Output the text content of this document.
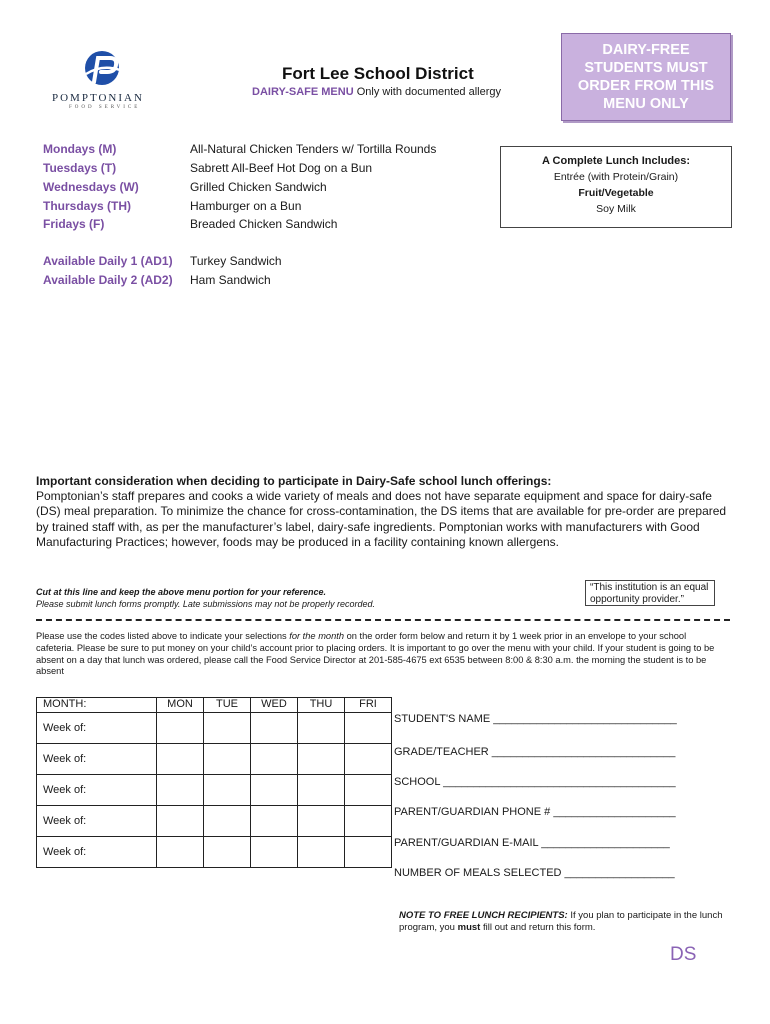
POMPTONIAN
FOOD SERVICE
Fort Lee School District
DAIRY-SAFE MENU Only with documented allergy
DAIRY-FREE
STUDENTS MUST
ORDER FROM THIS
MENU ONLY
Mondays (M)	All-Natural Chicken Tenders w/ Tortilla Rounds
Tuesdays (T)	Sabrett All-Beef Hot Dog on a Bun
Wednesdays (W)	Grilled Chicken Sandwich
Thursdays (TH)	Hamburger on a Bun
Fridays (F)	Breaded Chicken Sandwich
Available Daily 1 (AD1) Turkey Sandwich
Available Daily 2 (AD2) Ham Sandwich
A Complete Lunch Includes:
Entrée (with Protein/Grain)
Fruit/Vegetable
Soy Milk
Important consideration when deciding to participate in Dairy-Safe school lunch offerings:
Pomptonian’s staff prepares and cooks a wide variety of meals and does not have separate equipment and space for dairy-safe (DS) meal preparation. To minimize the chance for cross-contamination, the DS items that are available for pre-order are prepared by trained staff with, as per the manufacturer’s label, dairy-safe ingredients. Pomptonian works with manufacturers with Good Manufacturing Practices; however, foods may be produced in a facility containing known allergens.
Cut at this line and keep the above menu portion for your reference.
Please submit lunch forms promptly. Late submissions may not be properly recorded.
“This institution is an equal opportunity provider.”
Please use the codes listed above to indicate your selections for the month on the order form below and return it by 1 week prior in an envelope to your school cafeteria. Please be sure to put money on your child’s account prior to placing orders. It is important to go over the menu with your child. If your student is going to be absent on a day that lunch was ordered, please call the Food Service Director at 201-585-4675 ext 6535 between 8:00 & 8:30 a.m. the morning the student is to be absent
MONTH:	MON	TUE	WED	THU	FRI
Week of:					
Week of:					
Week of:					
Week of:					
Week of:					
STUDENT'S NAME ______________________________
GRADE/TEACHER ______________________________
SCHOOL ______________________________________
PARENT/GUARDIAN PHONE # ____________________
PARENT/GUARDIAN E-MAIL _____________________
NUMBER OF MEALS SELECTED __________________
NOTE TO FREE LUNCH RECIPIENTS: If you plan to participate in the lunch program, you must fill out and return this form.
DS
